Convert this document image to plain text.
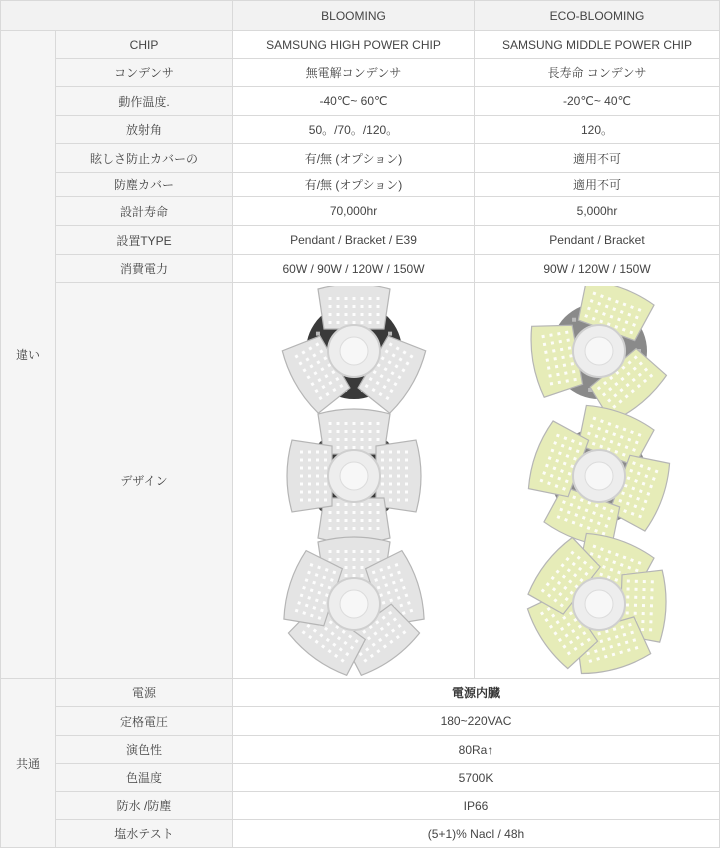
		BLOOMING	ECO-BLOOMING
違い	CHIP	SAMSUNG HIGH POWER CHIP	SAMSUNG MIDDLE POWER CHIP
	コンデンサ	無電解コンデンサ	長寿命 コンデンサ
	動作温度.	-40℃~ 60℃	-20℃~ 40℃
	放射角	50。/70。/120。	120。
	眩しさ防止カバーの	有/無 (オプション)	適用不可
	防塵カバー	有/無 (オプション)	適用不可
	設計寿命	70,000hr	5,000hr
	設置TYPE	Pendant / Bracket / E39	Pendant / Bracket
	消費電力	60W / 90W / 120W / 150W	90W / 120W / 150W
	デザイン	

共通	電源	電源内臓	
	定格電圧	180~220VAC	
	演色性	80Ra↑	
	色温度	5700K	
	防水 /防塵	IP66	
	塩水テスト	(5+1)% Nacl / 48h	
